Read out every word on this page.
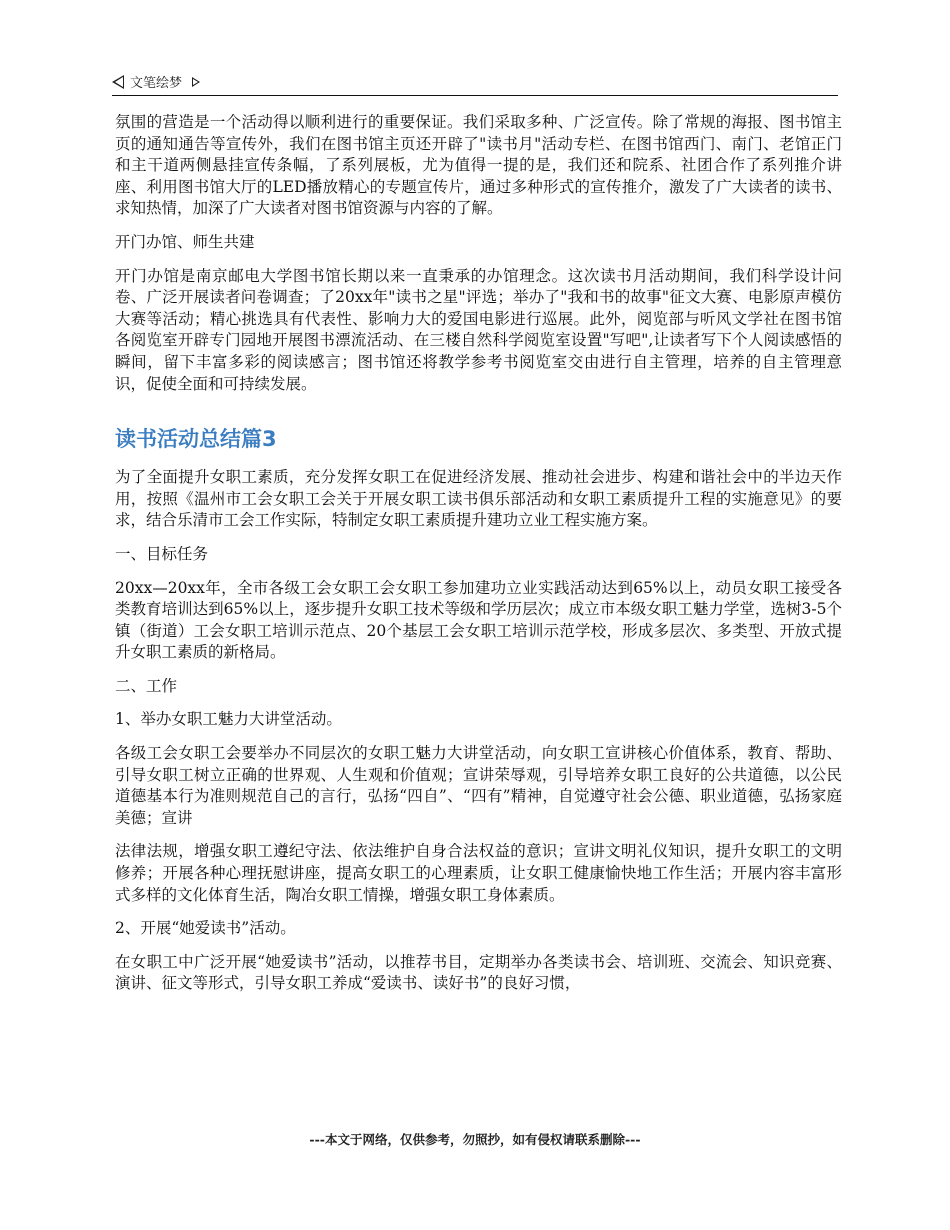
文笔绘梦

氛围的营造是一个活动得以顺利进行的重要保证。我们采取多种、广泛宣传。除了常规的海报、图书馆主页的通知通告等宣传外，我们在图书馆主页还开辟了"读书月"活动专栏、在图书馆西门、南门、老馆正门和主干道两侧悬挂宣传条幅，了系列展板，尤为值得一提的是，我们还和院系、社团合作了系列推介讲座、利用图书馆大厅的LED播放精心的专题宣传片，通过多种形式的宣传推介，激发了广大读者的读书、求知热情，加深了广大读者对图书馆资源与内容的了解。

开门办馆、师生共建

开门办馆是南京邮电大学图书馆长期以来一直秉承的办馆理念。这次读书月活动期间，我们科学设计问卷、广泛开展读者问卷调查；了20xx年"读书之星"评选；举办了"我和书的故事"征文大赛、电影原声模仿大赛等活动；精心挑选具有代表性、影响力大的爱国电影进行巡展。此外，阅览部与听风文学社在图书馆各阅览室开辟专门园地开展图书漂流活动、在三楼自然科学阅览室设置"写吧",让读者写下个人阅读感悟的瞬间，留下丰富多彩的阅读感言；图书馆还将教学参考书阅览室交由进行自主管理，培养的自主管理意识，促使全面和可持续发展。

读书活动总结篇3

为了全面提升女职工素质，充分发挥女职工在促进经济发展、推动社会进步、构建和谐社会中的半边天作用，按照《温州市工会女职工会关于开展女职工读书俱乐部活动和女职工素质提升工程的实施意见》的要求，结合乐清市工会工作实际，特制定女职工素质提升建功立业工程实施方案。

一、目标任务

20xx—20xx年，全市各级工会女职工会女职工参加建功立业实践活动达到65%以上，动员女职工接受各类教育培训达到65%以上，逐步提升女职工技术等级和学历层次；成立市本级女职工魅力学堂，选树3-5个镇（街道）工会女职工培训示范点、20个基层工会女职工培训示范学校，形成多层次、多类型、开放式提升女职工素质的新格局。

二、工作

1、举办女职工魅力大讲堂活动。

各级工会女职工会要举办不同层次的女职工魅力大讲堂活动，向女职工宣讲核心价值体系，教育、帮助、引导女职工树立正确的世界观、人生观和价值观；宣讲荣辱观，引导培养女职工良好的公共道德，以公民道德基本行为准则规范自己的言行，弘扬“四自”、“四有”精神，自觉遵守社会公德、职业道德，弘扬家庭美德；宣讲

法律法规，增强女职工遵纪守法、依法维护自身合法权益的意识；宣讲文明礼仪知识，提升女职工的文明修养；开展各种心理抚慰讲座，提高女职工的心理素质，让女职工健康愉快地工作生活；开展内容丰富形式多样的文化体育生活，陶冶女职工情操，增强女职工身体素质。

2、开展“她爱读书”活动。

在女职工中广泛开展“她爱读书”活动，以推荐书目，定期举办各类读书会、培训班、交流会、知识竞赛、演讲、征文等形式，引导女职工养成“爱读书、读好书”的良好习惯，

---本文于网络，仅供参考，勿照抄，如有侵权请联系删除---
